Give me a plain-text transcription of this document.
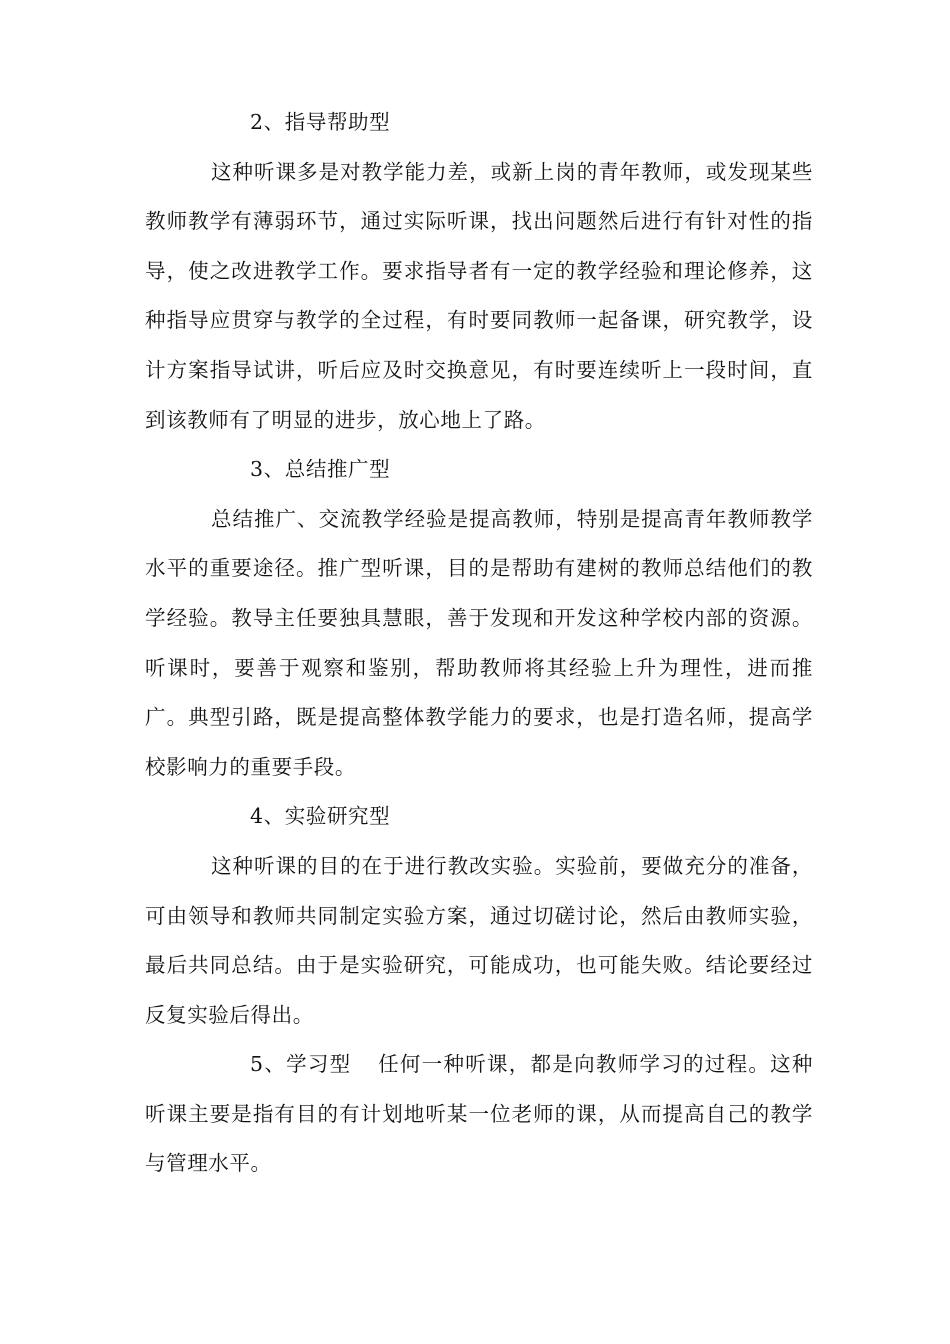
2、指导帮助型

这种听课多是对教学能力差，或新上岗的青年教师，或发现某些教师教学有薄弱环节，通过实际听课，找出问题然后进行有针对性的指导，使之改进教学工作。要求指导者有一定的教学经验和理论修养，这种指导应贯穿与教学的全过程，有时要同教师一起备课，研究教学，设计方案指导试讲，听后应及时交换意见，有时要连续听上一段时间，直到该教师有了明显的进步，放心地上了路。

3、总结推广型

总结推广、交流教学经验是提高教师，特别是提高青年教师教学水平的重要途径。推广型听课，目的是帮助有建树的教师总结他们的教学经验。教导主任要独具慧眼，善于发现和开发这种学校内部的资源。听课时，要善于观察和鉴别，帮助教师将其经验上升为理性，进而推广。典型引路，既是提高整体教学能力的要求，也是打造名师，提高学校影响力的重要手段。

4、实验研究型

这种听课的目的在于进行教改实验。实验前，要做充分的准备，可由领导和教师共同制定实验方案，通过切磋讨论，然后由教师实验，最后共同总结。由于是实验研究，可能成功，也可能失败。结论要经过反复实验后得出。

5、学习型 任何一种听课，都是向教师学习的过程。这种听课主要是指有目的有计划地听某一位老师的课，从而提高自己的教学与管理水平。
